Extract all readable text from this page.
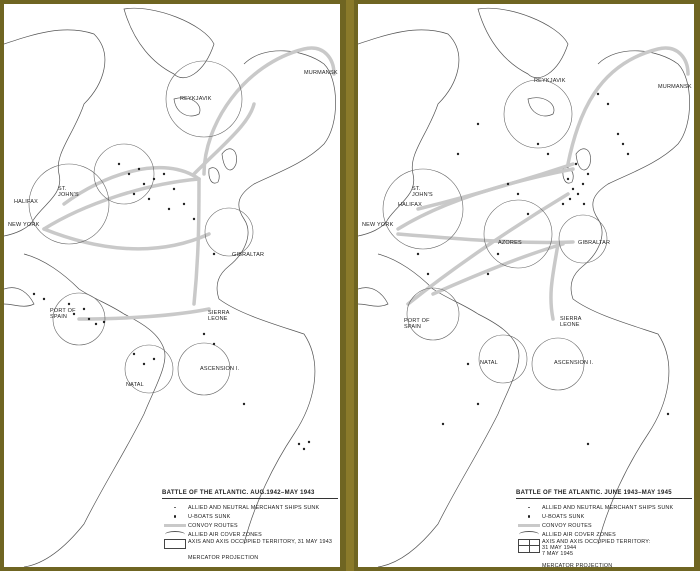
MURMANSK
REYKJAVIK
ST. JOHN'S
HALIFAX
NEW YORK
GIBRALTAR
PORT OF SPAIN
SIERRA LEONE
NATAL
ASCENSION I.
BATTLE OF THE ATLANTIC. AUG.1942–MAY 1943
ALLIED AND NEUTRAL MERCHANT SHIPS SUNK
U-BOATS SUNK
CONVOY ROUTES
ALLIED AIR COVER ZONES
AXIS AND AXIS OCCUPIED TERRITORY, 31 MAY 1943
MERCATOR PROJECTION
MURMANSK
REYKJAVIK
ST. JOHN'S
HALIFAX
NEW YORK
AZORES	GIBRALTAR
PORT OF SPAIN
SIERRA LEONE
NATAL	ASCENSION I.
BATTLE OF THE ATLANTIC. JUNE 1943–MAY 1945
ALLIED AND NEUTRAL MERCHANT SHIPS SUNK
U-BOATS SUNK
CONVOY ROUTES
ALLIED AIR COVER ZONES
AXIS AND AXIS OCCUPIED TERRITORY:
31 MAY 1944
7 MAY 1945
MERCATOR PROJECTION
